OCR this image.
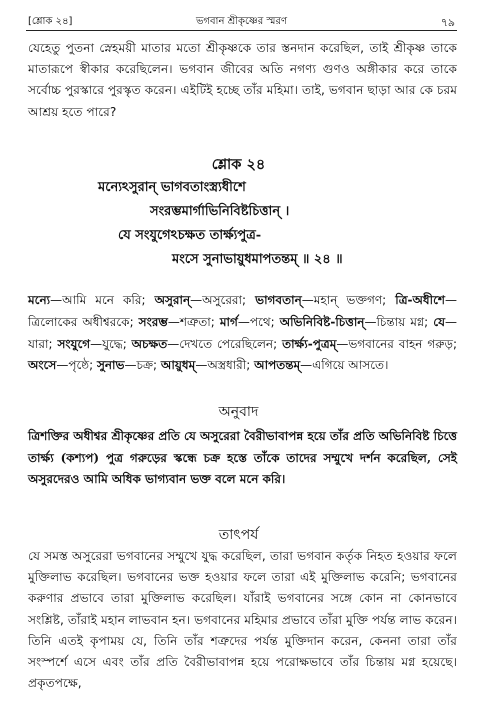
[শ্লোক ২৪]	ভগবান শ্রীকৃষ্ণের স্মরণ	৭৯

যেহেতু পুতনা স্নেহময়ী মাতার মতো শ্রীকৃষ্ণকে তার স্তনদান করেছিল, তাই শ্রীকৃষ্ণ তাকে মাতারূপে স্বীকার করেছিলেন। ভগবান জীবের অতি নগণ্য গুণও অঙ্গীকার করে তাকে সর্বোচ্চ পুরস্কারে পুরস্কৃত করেন। এইটিই হচ্ছে তাঁর মহিমা। তাই, ভগবান ছাড়া আর কে চরম আশ্রয় হতে পারে?

শ্লোক ২৪
মন্যেঽসুরান্ ভাগবতাংস্ত্র্যধীশে
সংরম্ভমার্গাভিনিবিষ্টচিত্তান্ ।
যে সংযুগেঽচক্ষত তার্ক্ষ্যপুত্র-
মংসে সুনাভায়ুধমাপতন্তম্ ॥ ২৪ ॥

মন্যে—আমি মনে করি; অসুরান্—অসুরেরা; ভাগবতান্—মহান্ ভক্তগণ; ত্রি-অধীশে—ত্রিলোকের অধীশ্বরকে; সংরম্ভ—শত্রুতা; মার্গ—পথে; অভিনিবিষ্ট-চিত্তান্—চিন্তায় মগ্ন; যে—যারা; সংযুগে—যুদ্ধে; অচক্ষত—দেখতে পেরেছিলেন; তার্ক্ষ্য-পুত্রম্—ভগবানের বাহন গরুড়; অংসে—পৃষ্ঠে; সুনাভ—চক্র; আয়ুধম্—অস্ত্রধারী; আপতন্তম্—এগিয়ে আসতে।

অনুবাদ

ত্রিশক্তির অধীশ্বর শ্রীকৃষ্ণের প্রতি যে অসুরেরা বৈরীভাবাপন্ন হয়ে তাঁর প্রতি অভিনিবিষ্ট চিত্তে তার্ক্ষ্য (কশ্যপ) পুত্র গরুড়ের স্কন্ধে চক্র হস্তে তাঁকে তাদের সম্মুখে দর্শন করেছিল, সেই অসুরদেরও আমি অধিক ভাগ্যবান ভক্ত বলে মনে করি।

তাৎপর্য

যে সমস্ত অসুরেরা ভগবানের সম্মুখে যুদ্ধ করেছিল, তারা ভগবান কর্তৃক নিহত হওয়ার ফলে মুক্তিলাভ করেছিল। ভগবানের ভক্ত হওয়ার ফলে তারা এই মুক্তিলাভ করেনি; ভগবানের করুণার প্রভাবে তারা মুক্তিলাভ করেছিল। যাঁরাই ভগবানের সঙ্গে কোন না কোনভাবে সংশ্লিষ্ট, তাঁরাই মহান লাভবান হন। ভগবানের মহিমার প্রভাবে তাঁরা মুক্তি পর্যন্ত লাভ করেন। তিনি এতই কৃপাময় যে, তিনি তাঁর শত্রুদের পর্যন্ত মুক্তিদান করেন, কেননা তারা তাঁর সংস্পর্শে এসে এবং তাঁর প্রতি বৈরীভাবাপন্ন হয়ে পরোক্ষভাবে তাঁর চিন্তায় মগ্ন হয়েছে। প্রকৃতপক্ষে,
